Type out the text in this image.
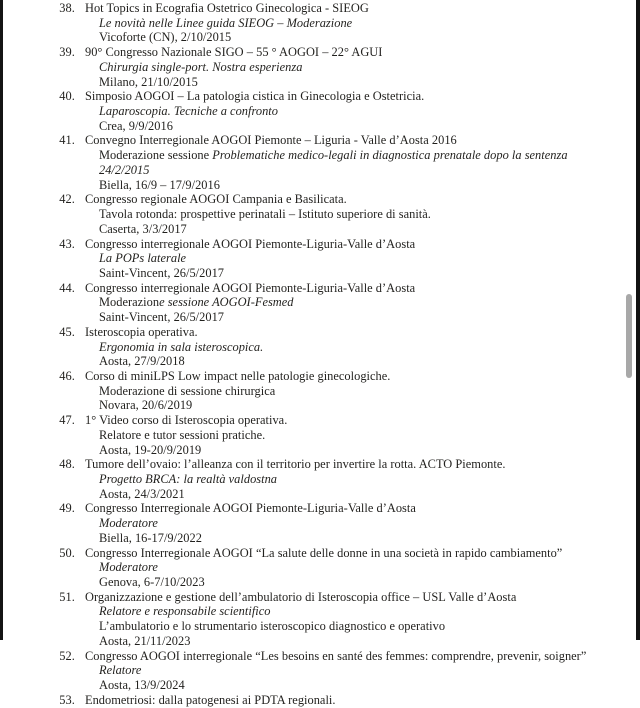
38. Hot Topics in Ecografia Ostetrico Ginecologica - SIEOG
Le novità nelle Linee guida SIEOG – Moderazione
Vicoforte (CN), 2/10/2015
39. 90° Congresso Nazionale SIGO – 55 ° AOGOI – 22° AGUI
Chirurgia single-port. Nostra esperienza
Milano, 21/10/2015
40. Simposio AOGOI – La patologia cistica in Ginecologia e Ostetricia.
Laparoscopia. Tecniche a confronto
Crea, 9/9/2016
41. Convegno Interregionale AOGOI Piemonte – Liguria - Valle d’Aosta 2016
Moderazione sessione Problematiche medico-legali in diagnostica prenatale dopo la sentenza
24/2/2015
Biella, 16/9 – 17/9/2016
42. Congresso regionale AOGOI Campania e Basilicata.
Tavola rotonda: prospettive perinatali – Istituto superiore di sanità.
Caserta, 3/3/2017
43. Congresso interregionale AOGOI Piemonte-Liguria-Valle d’Aosta
La POPs laterale
Saint-Vincent, 26/5/2017
44. Congresso interregionale AOGOI Piemonte-Liguria-Valle d’Aosta
Moderazione sessione AOGOI-Fesmed
Saint-Vincent, 26/5/2017
45. Isteroscopia operativa.
Ergonomia in sala isteroscopica.
Aosta, 27/9/2018
46. Corso di miniLPS Low impact nelle patologie ginecologiche.
Moderazione di sessione chirurgica
Novara, 20/6/2019
47. 1° Video corso di Isteroscopia operativa.
Relatore e tutor sessioni pratiche.
Aosta, 19-20/9/2019
48. Tumore dell’ovaio: l’alleanza con il territorio per invertire la rotta. ACTO Piemonte.
Progetto BRCA: la realtà valdostna
Aosta, 24/3/2021
49. Congresso Interregionale AOGOI Piemonte-Liguria-Valle d’Aosta
Moderatore
Biella, 16-17/9/2022
50. Congresso Interregionale AOGOI “La salute delle donne in una società in rapido cambiamento”
Moderatore
Genova, 6-7/10/2023
51. Organizzazione e gestione dell’ambulatorio di Isteroscopia office – USL Valle d’Aosta
Relatore e responsabile scientifico
L’ambulatorio e lo strumentario isteroscopico diagnostico e operativo
Aosta, 21/11/2023
52. Congresso AOGOI interregionale “Les besoins en santé des femmes: comprendre, prevenir, soigner”
Relatore
Aosta, 13/9/2024
53. Endometriosi: dalla patogenesi ai PDTA regionali.
